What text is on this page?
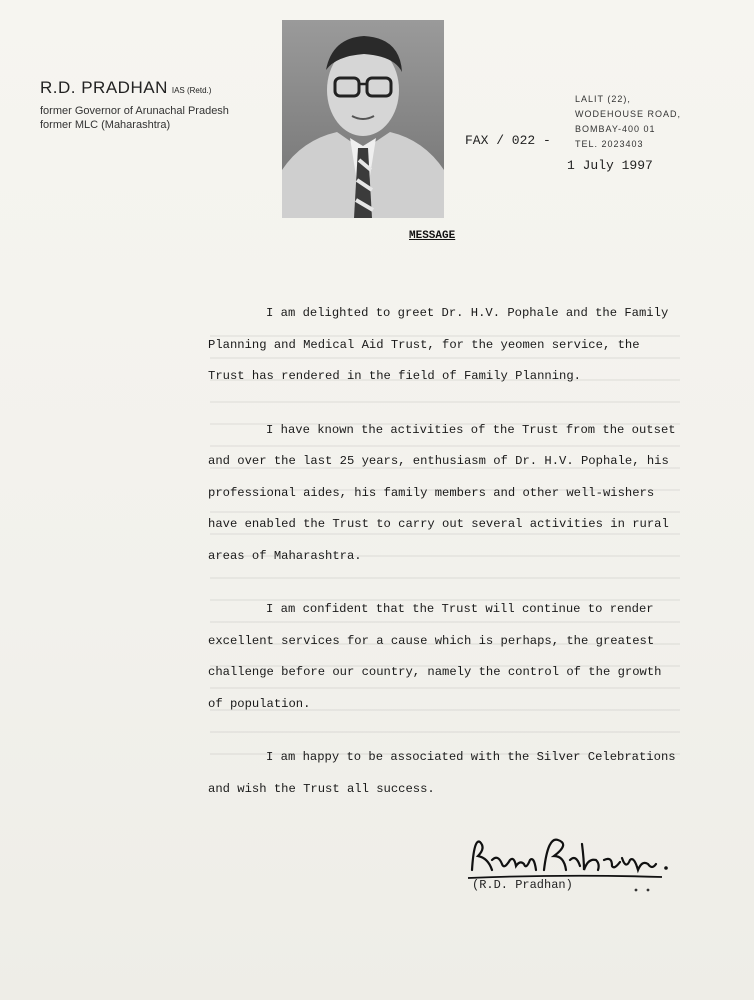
R.D. PRADHAN IAS (Retd.)
former Governor of Arunachal Pradesh
former MLC (Maharashtra)
LALIT (22),
WODEHOUSE ROAD,
BOMBAY-400 01
TEL. 2023403
FAX / 022 -
1 July 1997
MESSAGE

I am delighted to greet Dr. H.V. Pophale and the Family Planning and Medical Aid Trust, for the yeomen service, the Trust has rendered in the field of Family Planning.

I have known the activities of the Trust from the outset and over the last 25 years, enthusiasm of Dr. H.V. Pophale, his professional aides, his family members and other well-wishers have enabled the Trust to carry out several activities in rural areas of Maharashtra.

I am confident that the Trust will continue to render excellent services for a cause which is perhaps, the greatest challenge before our country, namely the control of the growth of population.

I am happy to be associated with the Silver Celebrations and wish the Trust all success.

(R.D. Pradhan)
